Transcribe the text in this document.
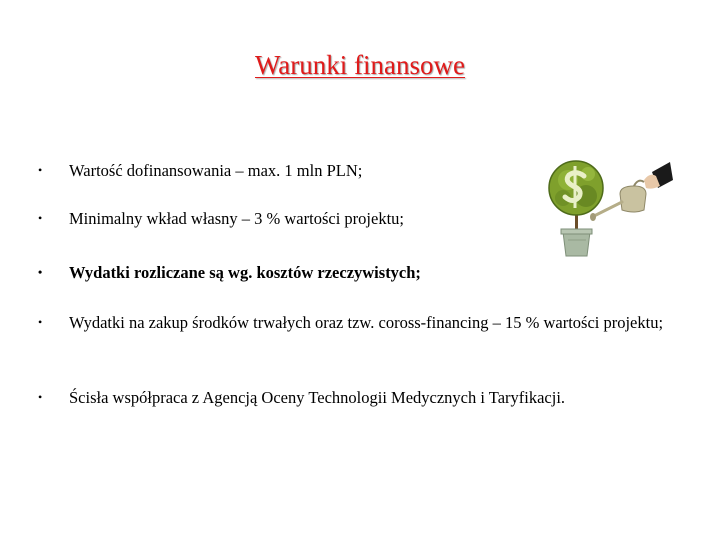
Warunki finansowe
•	Wartość dofinansowania – max. 1 mln PLN;
•	Minimalny wkład własny – 3 % wartości projektu;
•	Wydatki rozliczane są wg. kosztów rzeczywistych;
•	Wydatki na zakup środków trwałych oraz tzw. coross-financing – 15 % wartości projektu;
•	Ścisła współpraca z Agencją Oceny Technologii Medycznych i Taryfikacji.
